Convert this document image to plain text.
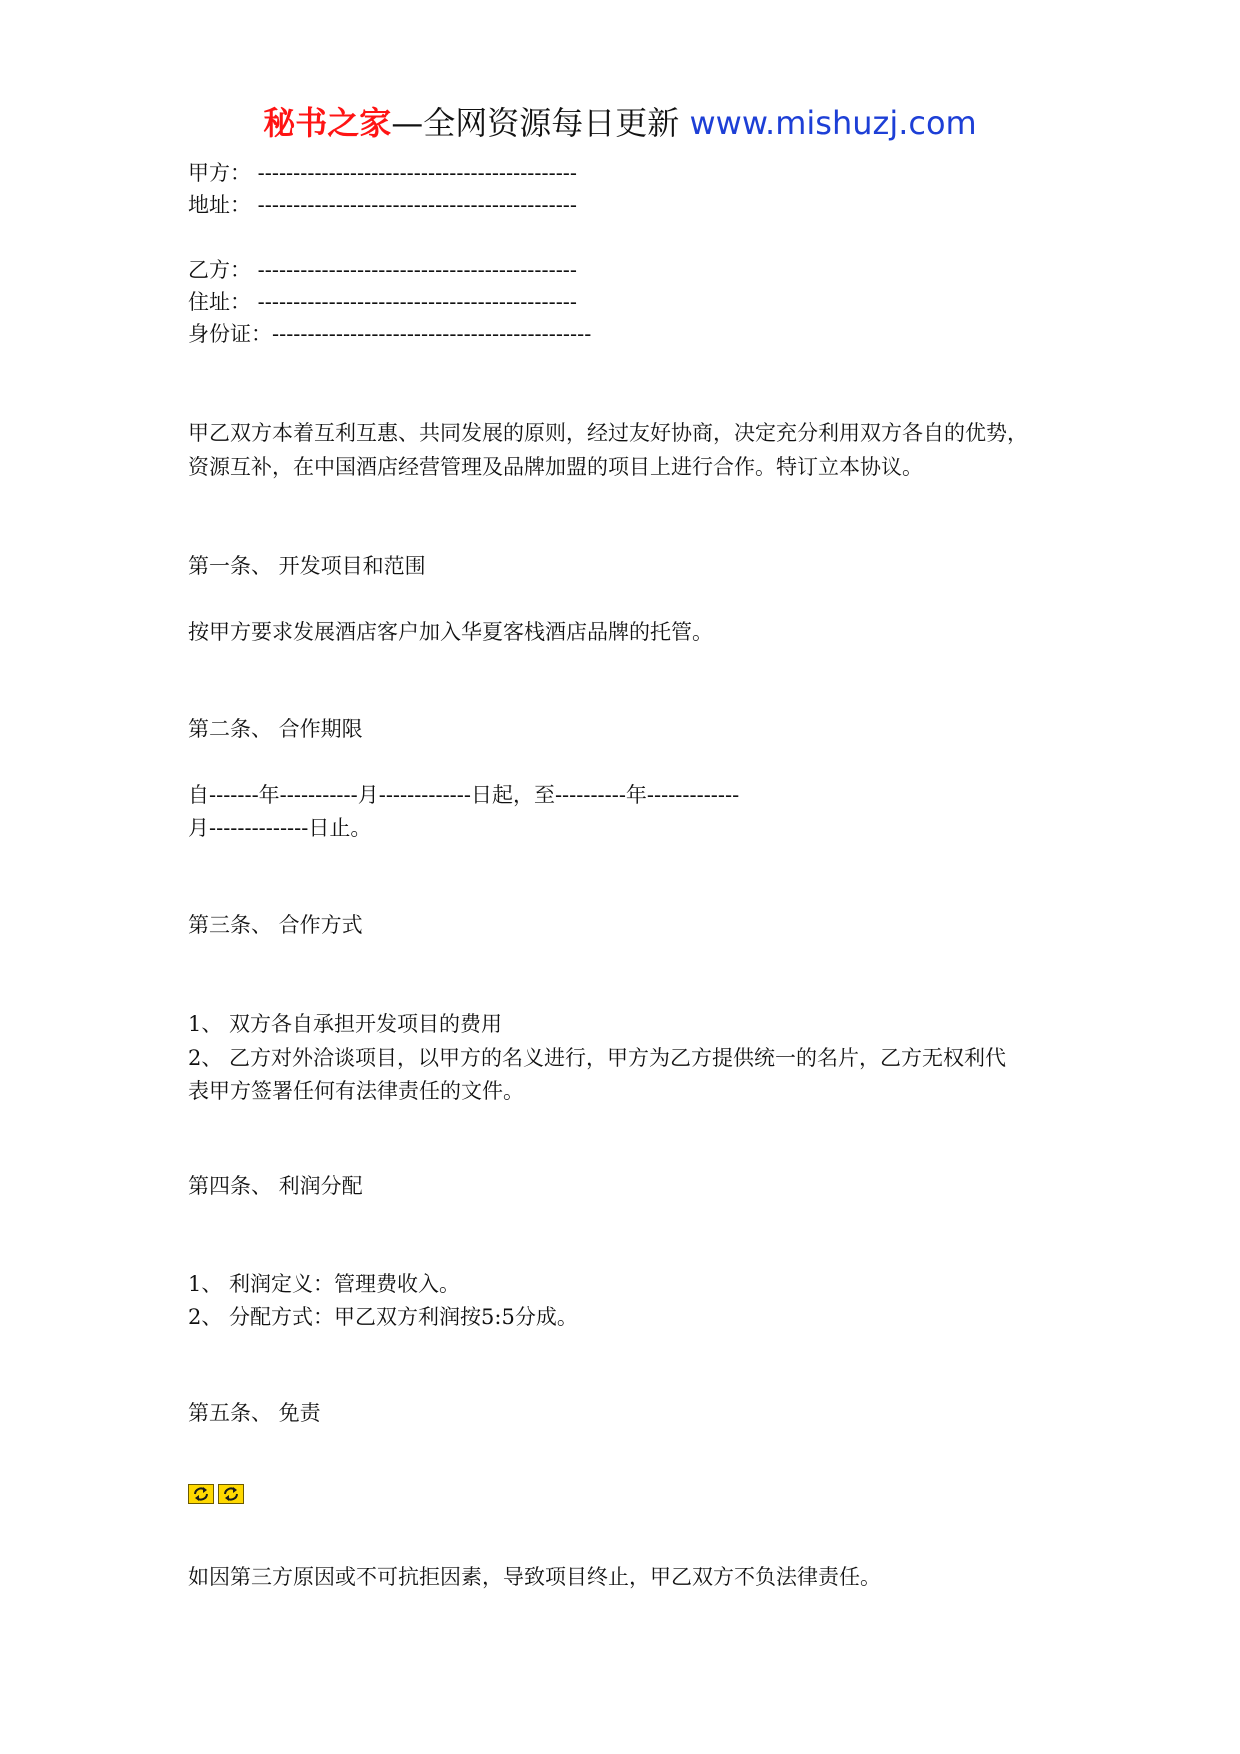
秘书之家—全网资源每日更新 www.mishuzj.com
甲方： ---------------------------------------------
地址： ---------------------------------------------
乙方： ---------------------------------------------
住址： ---------------------------------------------
身份证：---------------------------------------------
甲乙双方本着互利互惠、共同发展的原则，经过友好协商，决定充分利用双方各自的优势，
资源互补，在中国酒店经营管理及品牌加盟的项目上进行合作。特订立本协议。
第一条、 开发项目和范围
按甲方要求发展酒店客户加入华夏客栈酒店品牌的托管。
第二条、 合作期限
自-------年-----------月-------------日起，至----------年-------------
月--------------日止。
第三条、 合作方式
1、 双方各自承担开发项目的费用
2、 乙方对外洽谈项目，以甲方的名义进行，甲方为乙方提供统一的名片，乙方无权利代
表甲方签署任何有法律责任的文件。
第四条、 利润分配
1、 利润定义：管理费收入。
2、 分配方式：甲乙双方利润按5:5分成。
第五条、 免责
如因第三方原因或不可抗拒因素，导致项目终止，甲乙双方不负法律责任。
